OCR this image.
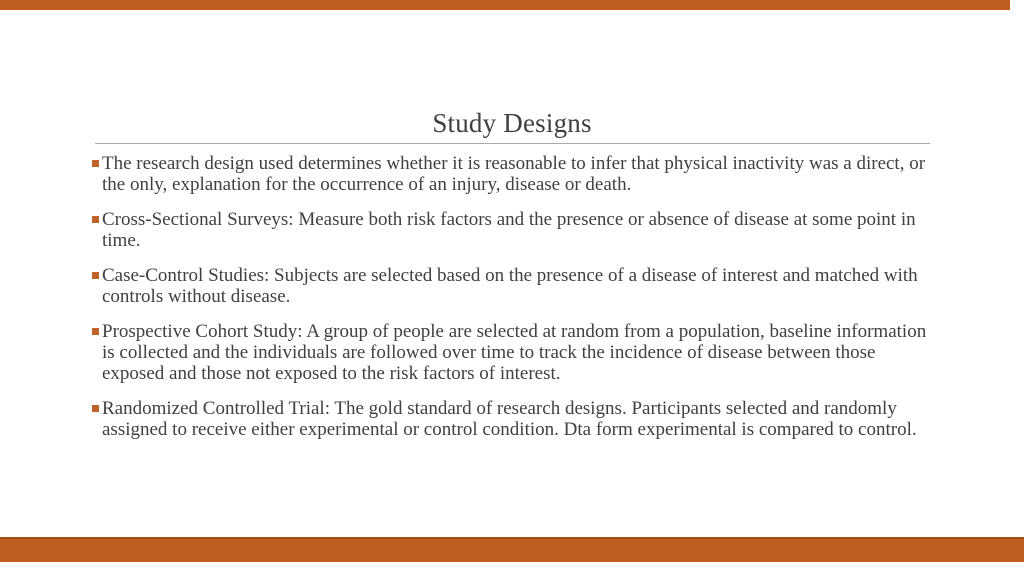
Study Designs
The research design used determines whether it is reasonable to infer that physical inactivity was a direct, or the only, explanation for the occurrence of an injury, disease or death.
Cross-Sectional Surveys: Measure both risk factors and the presence or absence of disease at some point in time.
Case-Control Studies: Subjects are selected based on the presence of a disease of interest and matched with controls without disease.
Prospective Cohort Study: A group of people are selected at random from a population, baseline information is collected and the individuals are followed over time to track the incidence of disease between those exposed and those not exposed to the risk factors of interest.
Randomized Controlled Trial: The gold standard of research designs. Participants selected and randomly assigned to receive either experimental or control condition. Dta form experimental is compared to control.
